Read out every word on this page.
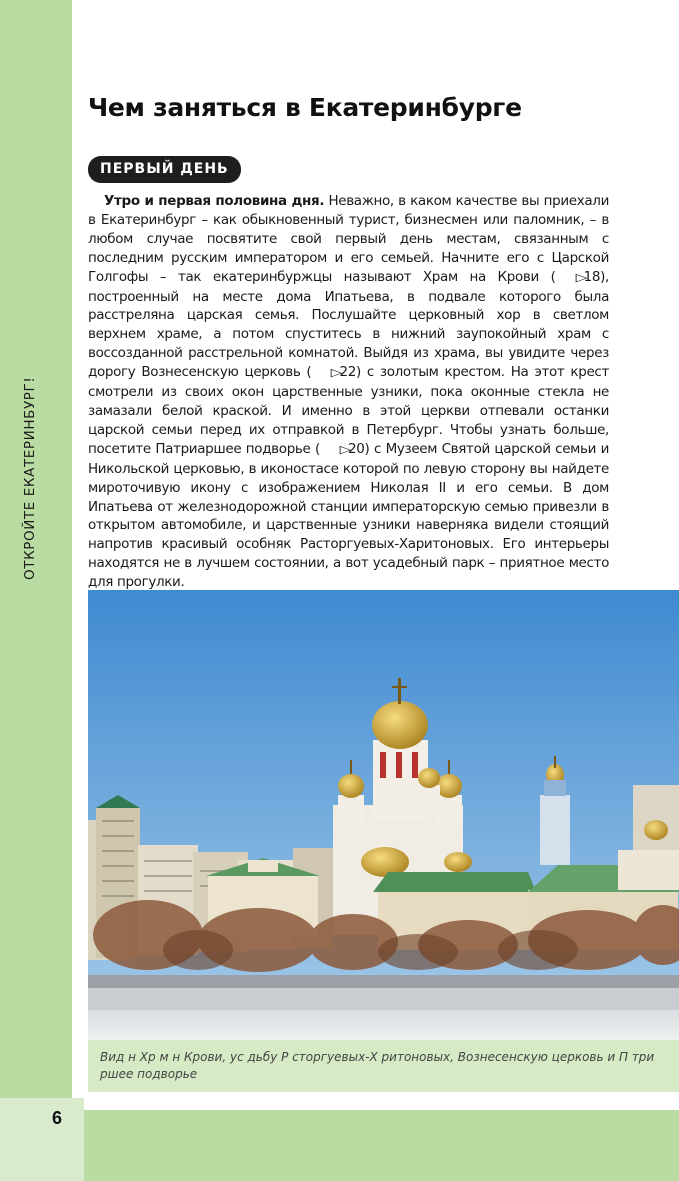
ОТКРОЙТЕ ЕКАТЕРИНБУРГ!
Чем заняться в Екатеринбурге
ПЕРВЫЙ ДЕНЬ

Утро и первая половина дня. Неважно, в каком качестве вы приехали в Екатеринбург – как обыкновенный турист, бизнесмен или паломник, – в любом случае посвятите свой первый день местам, связанным с последним русским императором и его семьей. Начните его с Царской Голгофы – так екатеринбуржцы называют Храм на Крови ( ▷18), построенный на месте дома Ипатьева, в подвале которого была расстреляна царская семья. Послушайте церковный хор в светлом верхнем храме, а потом спуститесь в нижний заупокойный храм с воссозданной расстрельной комнатой. Выйдя из храма, вы увидите через дорогу Вознесенскую церковь ( ▷22) с золотым крестом. На этот крест смотрели из своих окон царственные узники, пока оконные стекла не замазали белой краской. И именно в этой церкви отпевали останки царской семьи перед их отправкой в Петербург. Чтобы узнать больше, посетите Патриаршее подворье ( ▷20) с Музеем Святой царской семьи и Никольской церковью, в иконостасе которой по левую сторону вы найдете мироточивую икону с изображением Николая II и его семьи. В дом Ипатьева от железнодорожной станции императорскую семью привезли в открытом автомобиле, и царственные узники наверняка видели стоящий напротив красивый особняк Расторгуевых-Харитоновых. Его интерьеры находятся не в лучшем состоянии, а вот усадебный парк – приятное место для прогулки.

Вид н Хр м н Крови, ус дьбу Р сторгуевых-Х ритоновых, Вознесенскую церковь и П три ршее подворье

6
